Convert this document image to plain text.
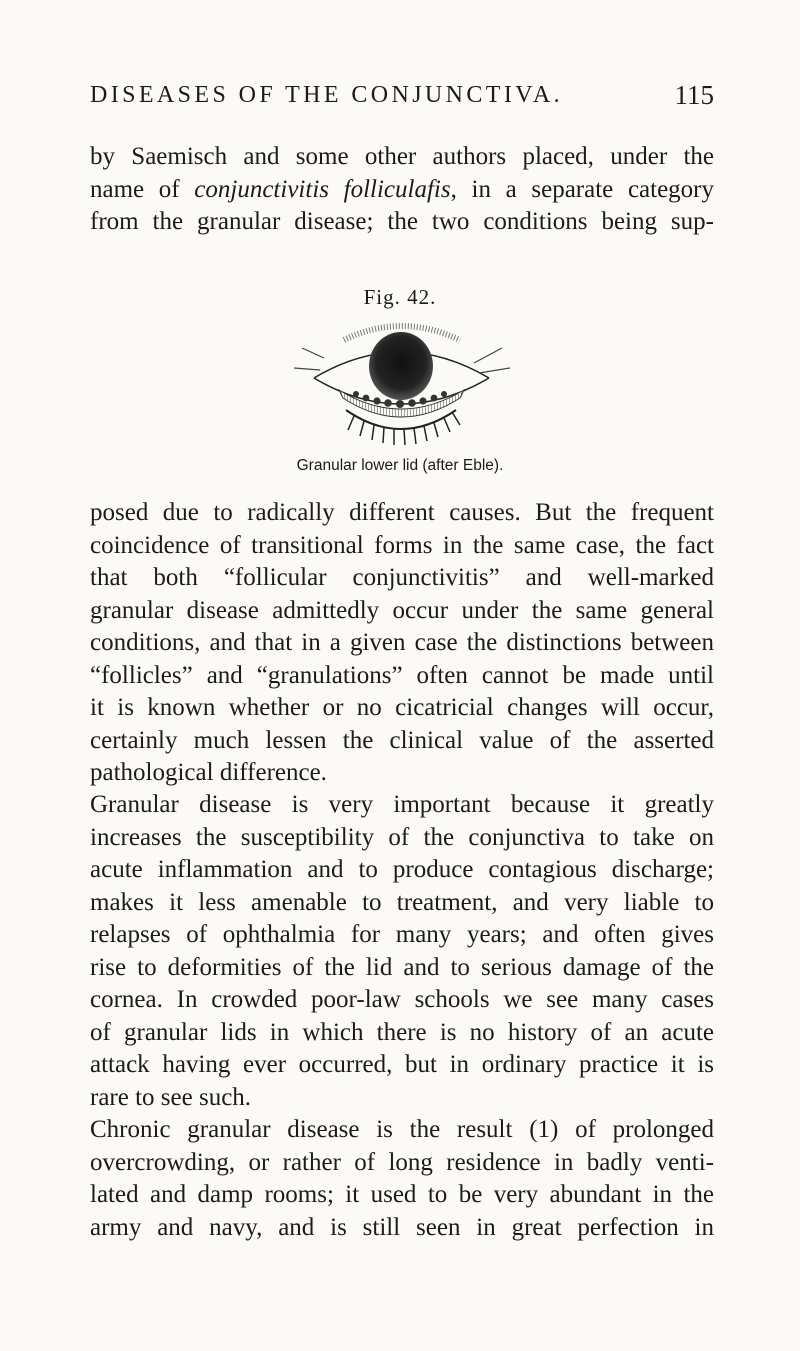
DISEASES OF THE CONJUNCTIVA.	115
by Saemisch and some other authors placed, under the
name of conjunctivitis folliculafis, in a separate category
from the granular disease; the two conditions being sup-
Fig. 42.
Granular lower lid (after Eble).
posed due to radically different causes. But the frequent
coincidence of transitional forms in the same case, the fact
that both “follicular conjunctivitis” and well-marked
granular disease admittedly occur under the same general
conditions, and that in a given case the distinctions between
“follicles” and “granulations” often cannot be made until
it is known whether or no cicatricial changes will occur,
certainly much lessen the clinical value of the asserted
pathological difference.
Granular disease is very important because it greatly
increases the susceptibility of the conjunctiva to take on
acute inflammation and to produce contagious discharge;
makes it less amenable to treatment, and very liable to
relapses of ophthalmia for many years; and often gives
rise to deformities of the lid and to serious damage of the
cornea. In crowded poor-law schools we see many cases
of granular lids in which there is no history of an acute
attack having ever occurred, but in ordinary practice it is
rare to see such.
Chronic granular disease is the result (1) of prolonged
overcrowding, or rather of long residence in badly venti-
lated and damp rooms; it used to be very abundant in the
army and navy, and is still seen in great perfection in
